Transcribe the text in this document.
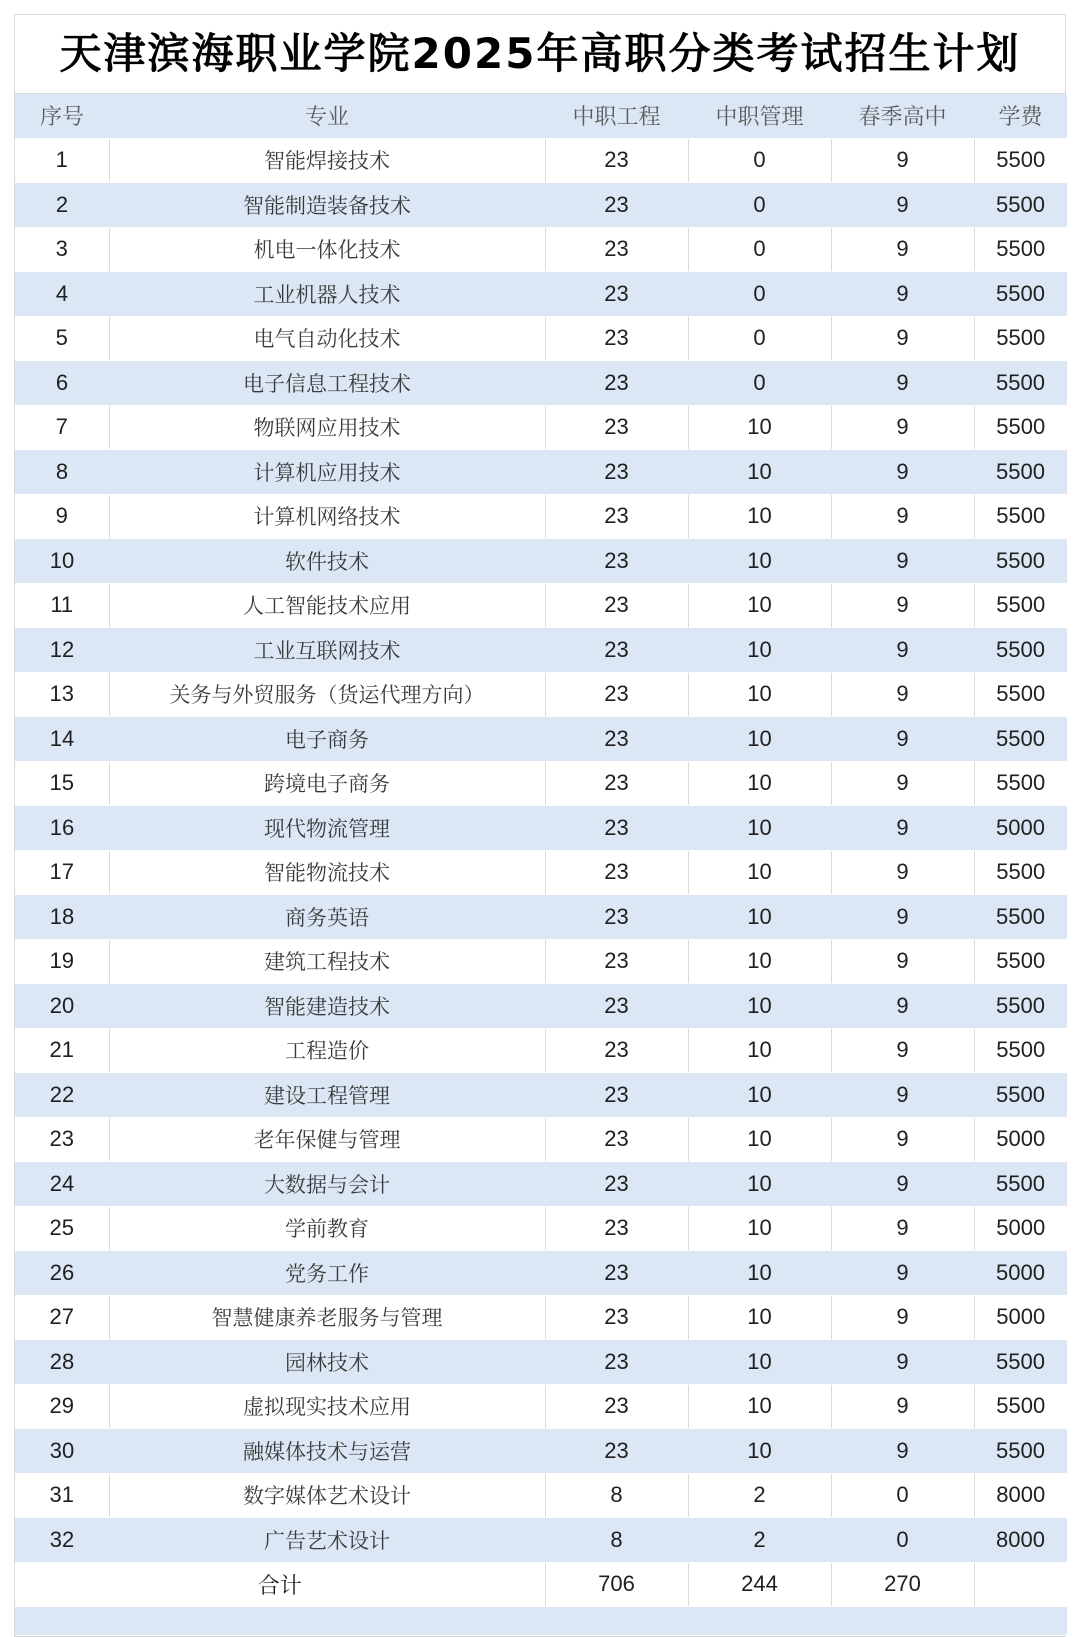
天津滨海职业学院2025年高职分类考试招生计划
序号	专业	中职工程	中职管理	春季高中	学费
1	智能焊接技术	23	0	9	5500
2	智能制造装备技术	23	0	9	5500
3	机电一体化技术	23	0	9	5500
4	工业机器人技术	23	0	9	5500
5	电气自动化技术	23	0	9	5500
6	电子信息工程技术	23	0	9	5500
7	物联网应用技术	23	10	9	5500
8	计算机应用技术	23	10	9	5500
9	计算机网络技术	23	10	9	5500
10	软件技术	23	10	9	5500
11	人工智能技术应用	23	10	9	5500
12	工业互联网技术	23	10	9	5500
13	关务与外贸服务（货运代理方向）	23	10	9	5500
14	电子商务	23	10	9	5500
15	跨境电子商务	23	10	9	5500
16	现代物流管理	23	10	9	5000
17	智能物流技术	23	10	9	5500
18	商务英语	23	10	9	5500
19	建筑工程技术	23	10	9	5500
20	智能建造技术	23	10	9	5500
21	工程造价	23	10	9	5500
22	建设工程管理	23	10	9	5500
23	老年保健与管理	23	10	9	5000
24	大数据与会计	23	10	9	5500
25	学前教育	23	10	9	5000
26	党务工作	23	10	9	5000
27	智慧健康养老服务与管理	23	10	9	5000
28	园林技术	23	10	9	5500
29	虚拟现实技术应用	23	10	9	5500
30	融媒体技术与运营	23	10	9	5500
31	数字媒体艺术设计	8	2	0	8000
32	广告艺术设计	8	2	0	8000
合计		706	244	270	
